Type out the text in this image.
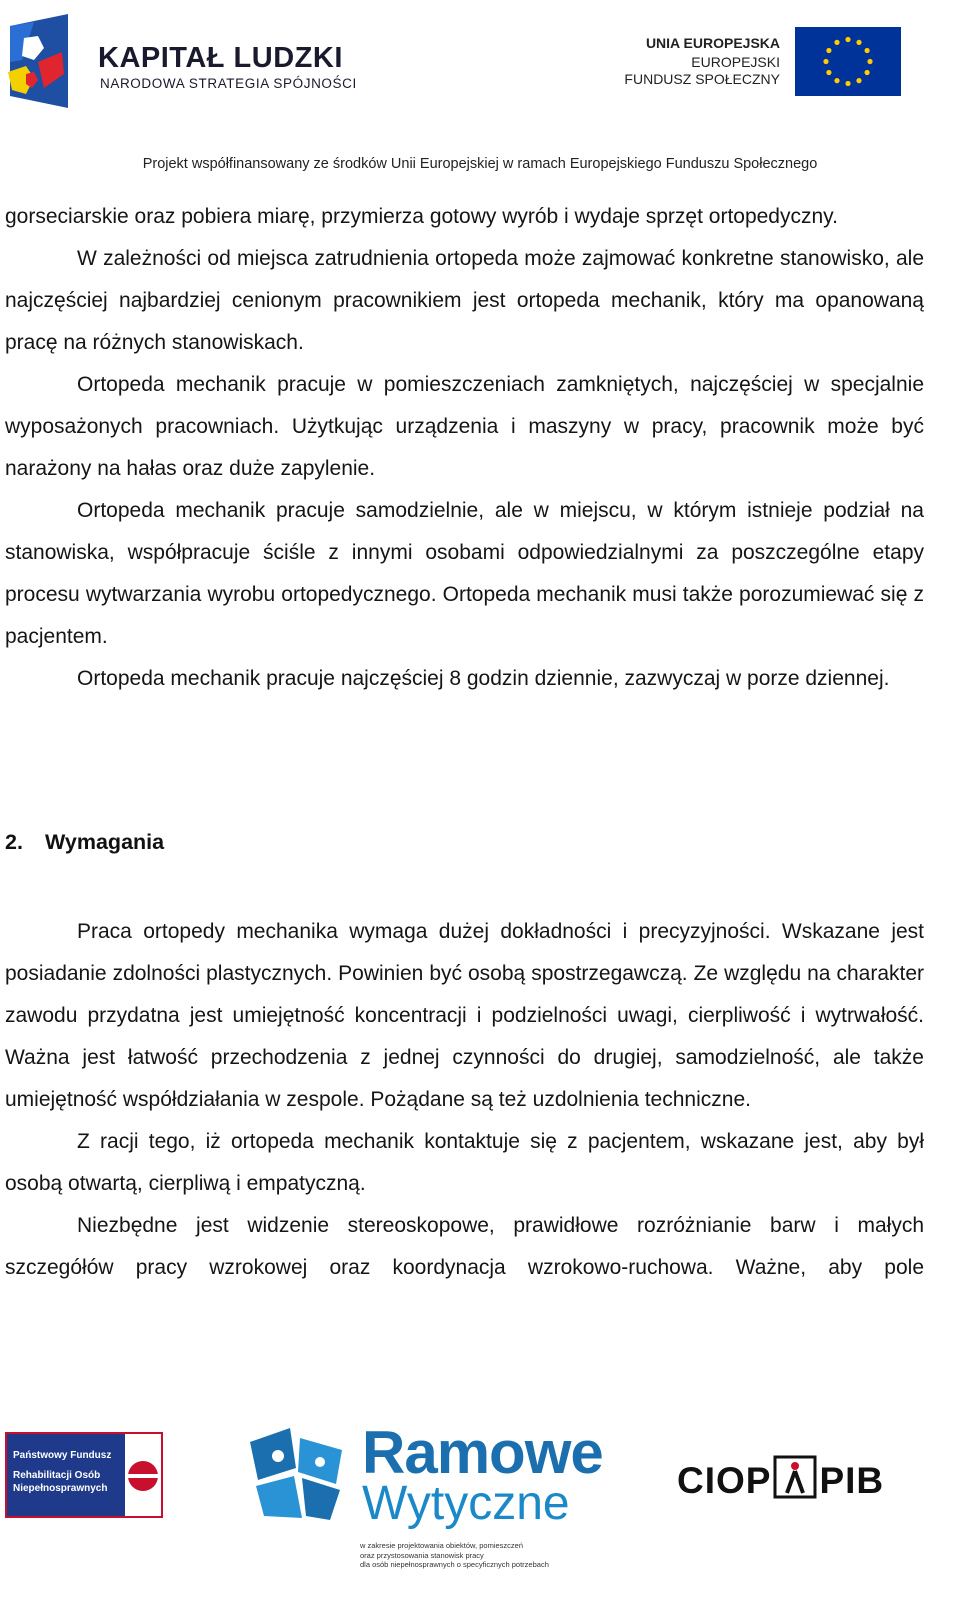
KAPITAŁ LUDZKI
NARODOWA STRATEGIA SPÓJNOŚCI
UNIA EUROPEJSKA
EUROPEJSKI
FUNDUSZ SPOŁECZNY
Projekt współfinansowany ze środków Unii Europejskiej w ramach Europejskiego Funduszu Społecznego

gorseciarskie oraz pobiera miarę, przymierza gotowy wyrób i wydaje sprzęt ortopedyczny.

W zależności od miejsca zatrudnienia ortopeda może zajmować konkretne stanowisko, ale najczęściej najbardziej cenionym pracownikiem jest ortopeda mechanik, który ma opanowaną pracę na różnych stanowiskach.

Ortopeda mechanik pracuje w pomieszczeniach zamkniętych, najczęściej w specjalnie wyposażonych pracowniach. Użytkując urządzenia i maszyny w pracy, pracownik może być narażony na hałas oraz duże zapylenie.

Ortopeda mechanik pracuje samodzielnie, ale w miejscu, w którym istnieje podział na stanowiska, współpracuje ściśle z innymi osobami odpowiedzialnymi za poszczególne etapy procesu wytwarzania wyrobu ortopedycznego. Ortopeda mechanik musi także porozumiewać się z pacjentem.

Ortopeda mechanik pracuje najczęściej 8 godzin dziennie, zazwyczaj w porze dziennej.

2. Wymagania

Praca ortopedy mechanika wymaga dużej dokładności i precyzyjności. Wskazane jest posiadanie zdolności plastycznych. Powinien być osobą spostrzegawczą. Ze względu na charakter zawodu przydatna jest umiejętność koncentracji i podzielności uwagi, cierpliwość i wytrwałość. Ważna jest łatwość przechodzenia z jednej czynności do drugiej, samodzielność, ale także umiejętność współdziałania w zespole. Pożądane są też uzdolnienia techniczne.

Z racji tego, iż ortopeda mechanik kontaktuje się z pacjentem, wskazane jest, aby był osobą otwartą, cierpliwą i empatyczną.

Niezbędne jest widzenie stereoskopowe, prawidłowe rozróżnianie barw i małych szczegółów pracy wzrokowej oraz koordynacja wzrokowo-ruchowa. Ważne, aby pole

Państwowy Fundusz
Rehabilitacji Osób
Niepełnosprawnych
Ramowe
Wytyczne
w zakresie projektowania obiektów, pomieszczeń
oraz przystosowania stanowisk pracy
dla osób niepełnosprawnych o specyficznych potrzebach
CIOP PIB
